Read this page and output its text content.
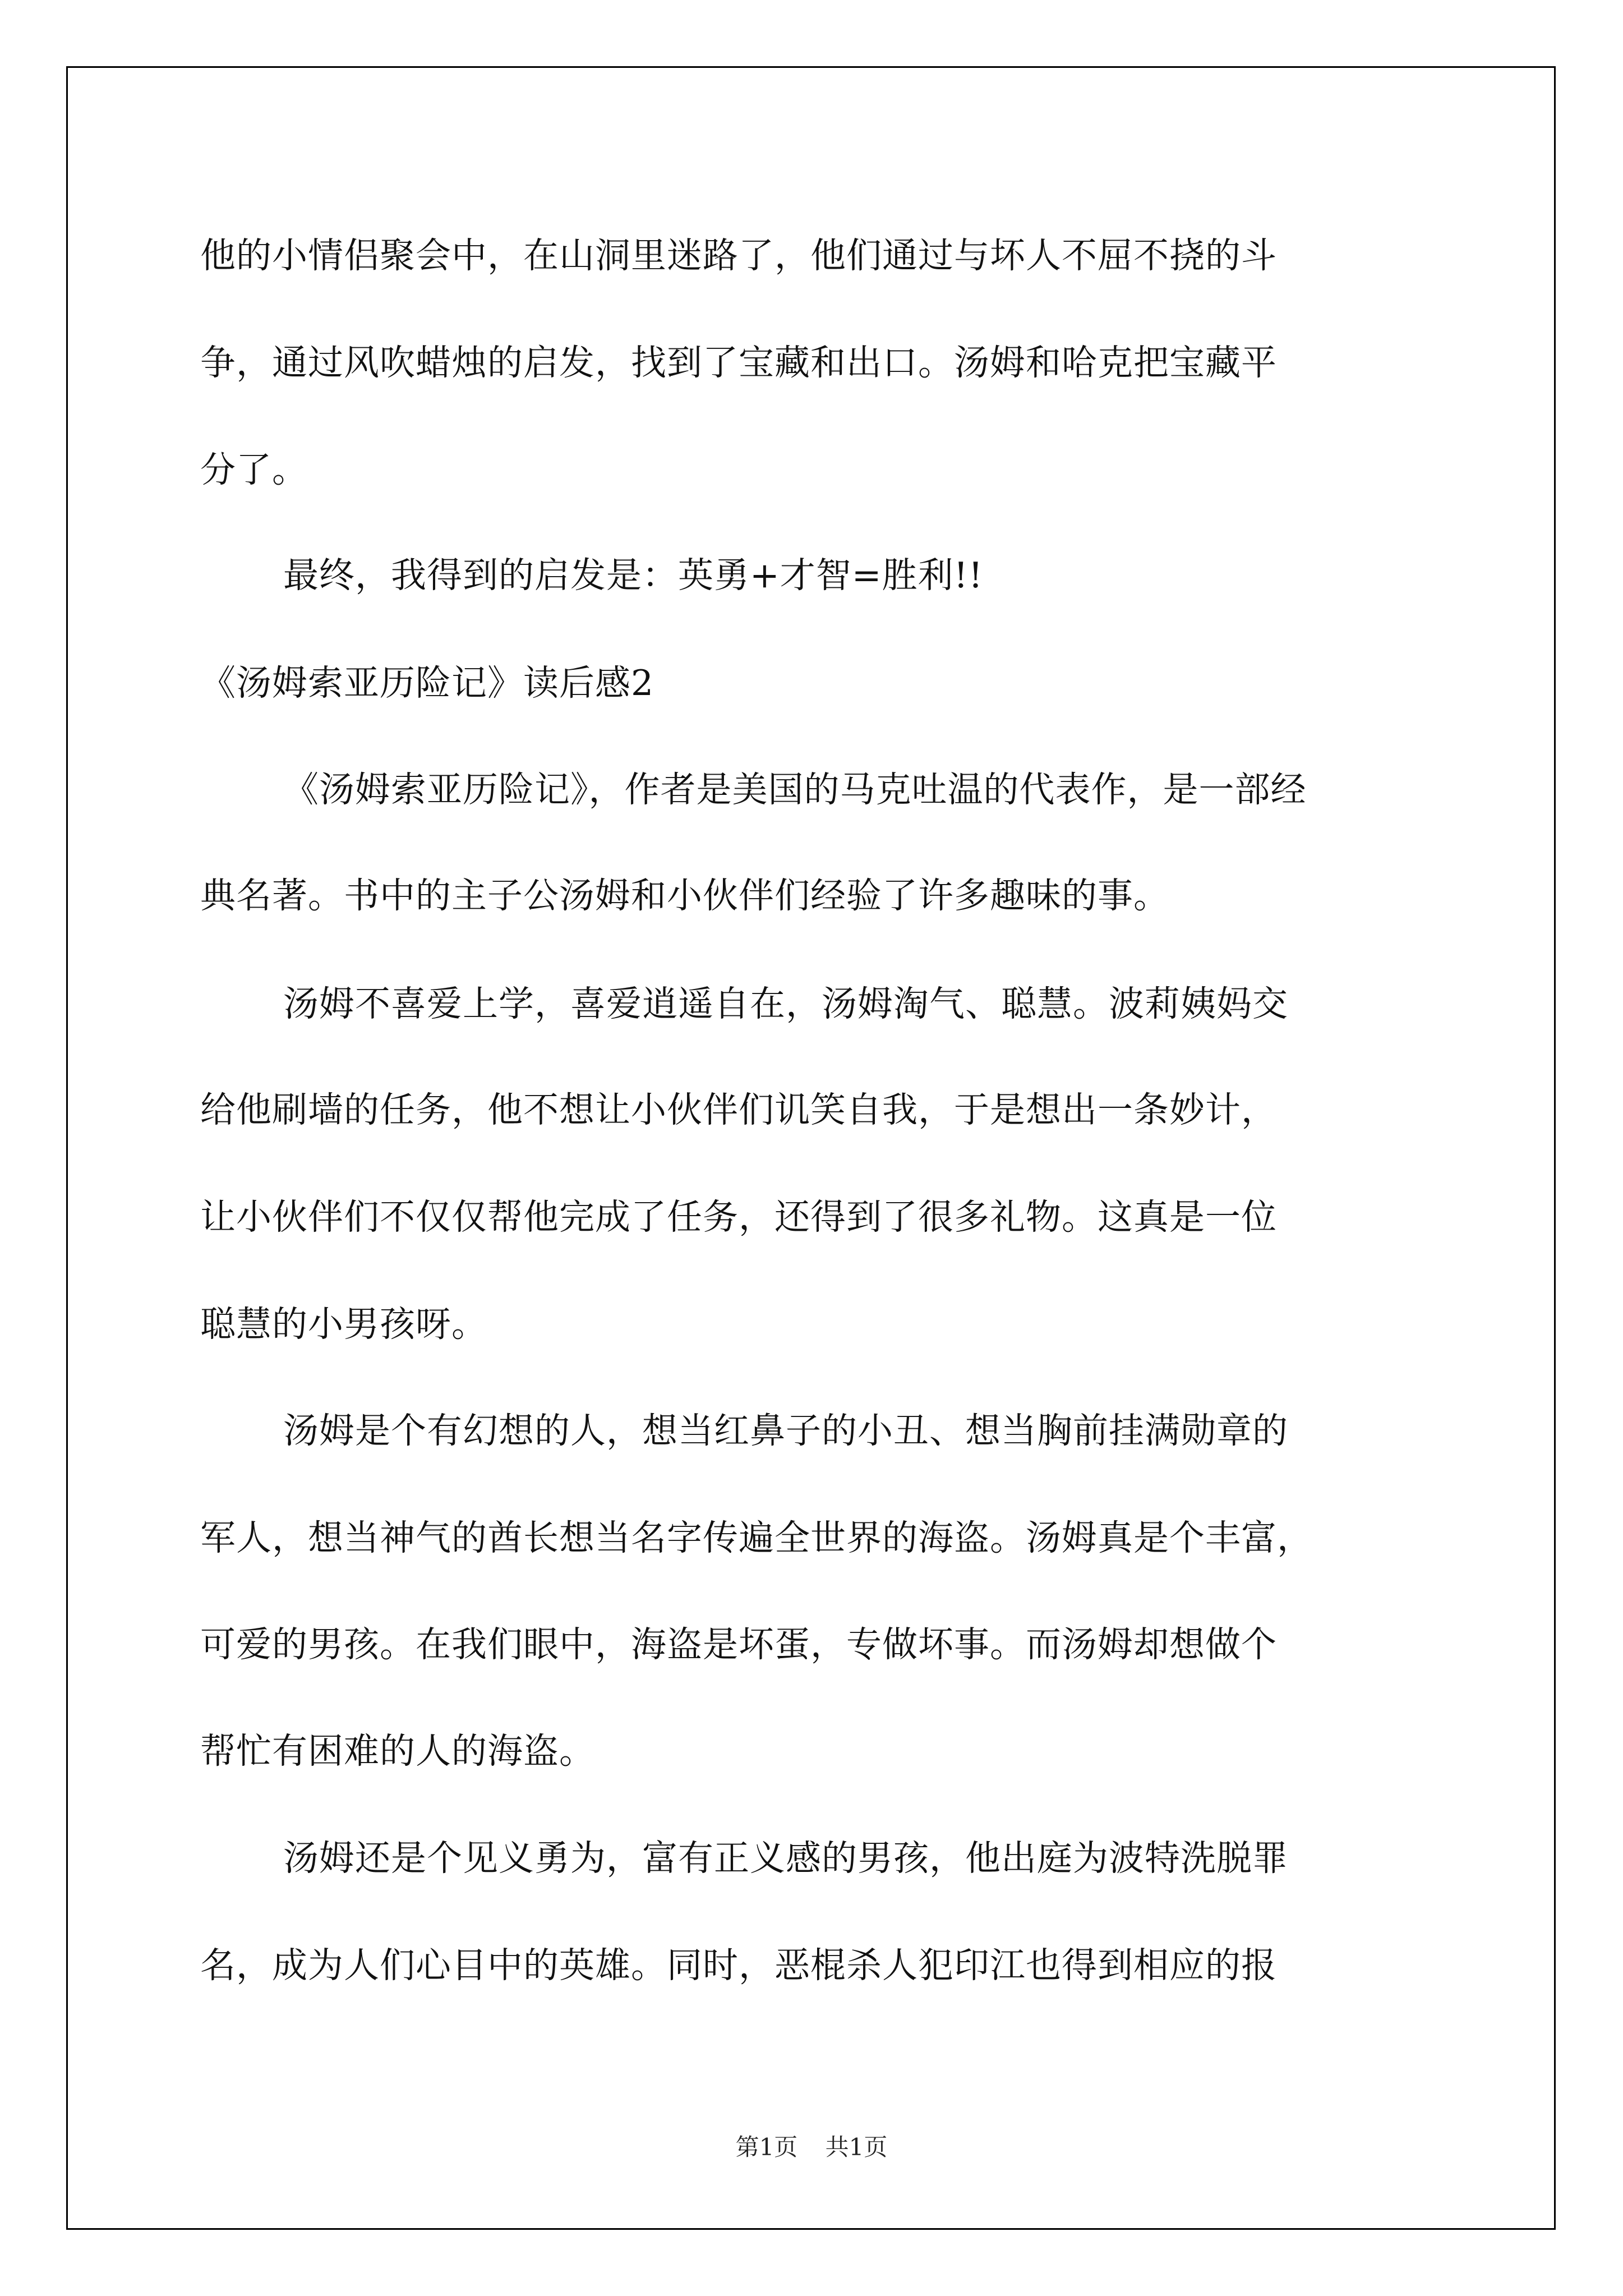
他的小情侣聚会中，在山洞里迷路了，他们通过与坏人不屈不挠的斗
争，通过风吹蜡烛的启发，找到了宝藏和出口。汤姆和哈克把宝藏平
分了。
最终，我得到的启发是：英勇+才智=胜利!!
《汤姆索亚历险记》读后感2
《汤姆索亚历险记》，作者是美国的马克吐温的代表作，是一部经
典名著。书中的主子公汤姆和小伙伴们经验了许多趣味的事。
汤姆不喜爱上学，喜爱逍遥自在，汤姆淘气、聪慧。波莉姨妈交
给他刷墙的任务，他不想让小伙伴们讥笑自我，于是想出一条妙计，
让小伙伴们不仅仅帮他完成了任务，还得到了很多礼物。这真是一位
聪慧的小男孩呀。
汤姆是个有幻想的人，想当红鼻子的小丑、想当胸前挂满勋章的
军人，想当神气的酋长想当名字传遍全世界的海盗。汤姆真是个丰富，
可爱的男孩。在我们眼中，海盗是坏蛋，专做坏事。而汤姆却想做个
帮忙有困难的人的海盗。
汤姆还是个见义勇为，富有正义感的男孩，他出庭为波特洗脱罪
名，成为人们心目中的英雄。同时，恶棍杀人犯印江也得到相应的报
第1页 共1页
